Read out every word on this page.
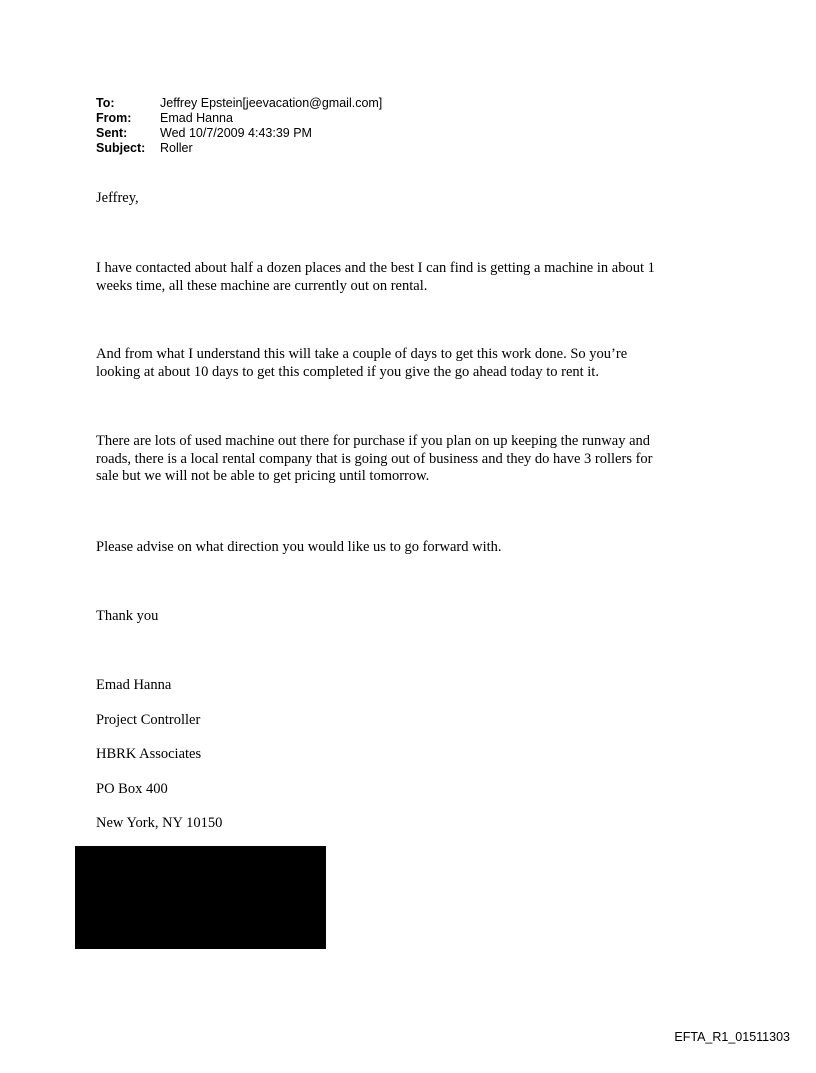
To:	Jeffrey Epstein[jeevacation@gmail.com]
From:	Emad Hanna
Sent:	Wed 10/7/2009 4:43:39 PM
Subject:	Roller

Jeffrey,

I have contacted about half a dozen places and the best I can find is getting a machine in about 1
weeks time, all these machine are currently out on rental.
And from what I understand this will take a couple of days to get this work done. So you’re
looking at about 10 days to get this completed if you give the go ahead today to rent it.
There are lots of used machine out there for purchase if you plan on up keeping the runway and
roads, there is a local rental company that is going out of business and they do have 3 rollers for
sale but we will not be able to get pricing until tomorrow.

Please advise on what direction you would like us to go forward with.

Thank you

Emad Hanna

Project Controller

HBRK Associates

PO Box 400

New York, NY 10150

EFTA_R1_01511303
